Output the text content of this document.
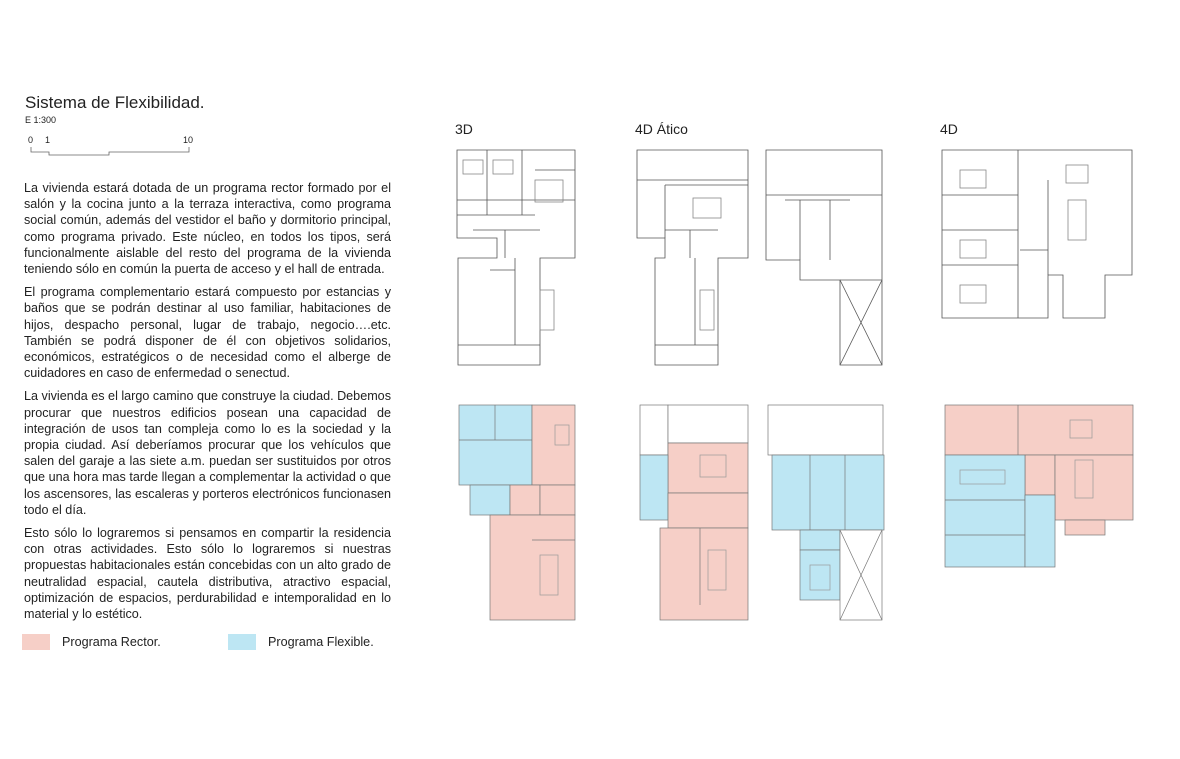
Sistema de Flexibilidad.
E 1:300
0 1	10

La vivienda estará dotada de un programa rector formado por el salón y la cocina junto a la terraza interactiva, como programa social común, además del vestidor el baño y dormitorio principal, como programa privado. Este núcleo, en todos los tipos, será funcionalmente aislable del resto del programa de la vivienda teniendo sólo en común la puerta de acceso y el hall de entrada.

El programa complementario estará compuesto por estancias y baños que se podrán destinar al uso familiar, habitaciones de hijos, despacho personal, lugar de trabajo, negocio….etc. También se podrá disponer de él con objetivos solidarios, económicos, estratégicos o de necesidad como el alberge de cuidadores en caso de enfermedad o senectud.

La vivienda es el largo camino que construye la ciudad. Debemos procurar que nuestros edificios posean una capacidad de integración de usos tan compleja como lo es la sociedad y la propia ciudad. Así deberíamos procurar que los vehículos que salen del garaje a las siete a.m. puedan ser sustituidos por otros que una hora mas tarde llegan a complementar la actividad o que los ascensores, las escaleras y porteros electrónicos funcionasen todo el día.

Esto sólo lo lograremos si pensamos en compartir la residencia con otras actividades. Esto sólo lo lograremos si nuestras propuestas habitacionales están concebidas con un alto grado de neutralidad espacial, cautela distributiva, atractivo espacial, optimización de espacios, perdurabilidad e intemporalidad en lo material y lo estético.

Programa Rector.	Programa Flexible.
3D	4D Ático	4D
